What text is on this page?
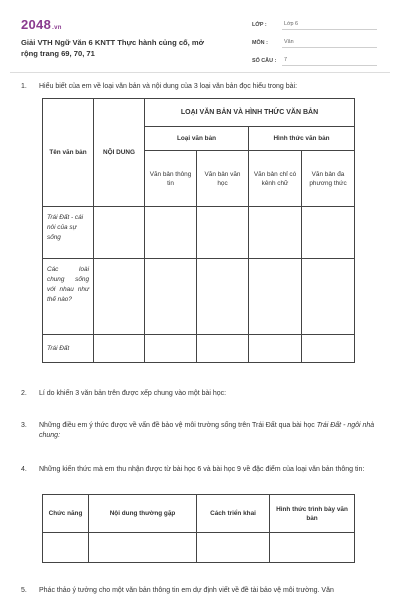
2048.vn
Giải VTH Ngữ Văn 6 KNTT Thực hành củng cố, mở rộng trang 69, 70, 71
LỚP :	Lớp 6
MÔN :	Văn
SỐ CÂU :	7
1. Hiểu biết của em về loại văn bản và nội dung của 3 loại văn bản đọc hiểu trong bài:
Tên văn bản	NỘI DUNG	LOẠI VĂN BẢN VÀ HÌNH THỨC VĂN BẢN			
		Loại văn bản		Hình thức văn bản	
		Văn bản thông tin	Văn bản văn học	Văn bản chỉ có kênh chữ	Văn bản đa phương thức
Trái Đất - cái nôi của sự sống					
Các loài chung sống với nhau như thế nào?					
Trái Đất					
2. Lí do khiến 3 văn bản trên được xếp chung vào một bài học:
3. Những điều em ý thức được về vấn đề bảo vệ môi trường sống trên Trái Đất qua bài học Trái Đất - ngôi nhà chung:
4. Những kiến thức mà em thu nhận được từ bài học 6 và bài học 9 về đặc điểm của loại văn bản thông tin:
Chức năng	Nội dung thường gặp	Cách triển khai	Hình thức trình bày văn bản

5. Phác thảo ý tưởng cho một văn bản thông tin em dự định viết về đề tài bảo vệ môi trường. Văn
